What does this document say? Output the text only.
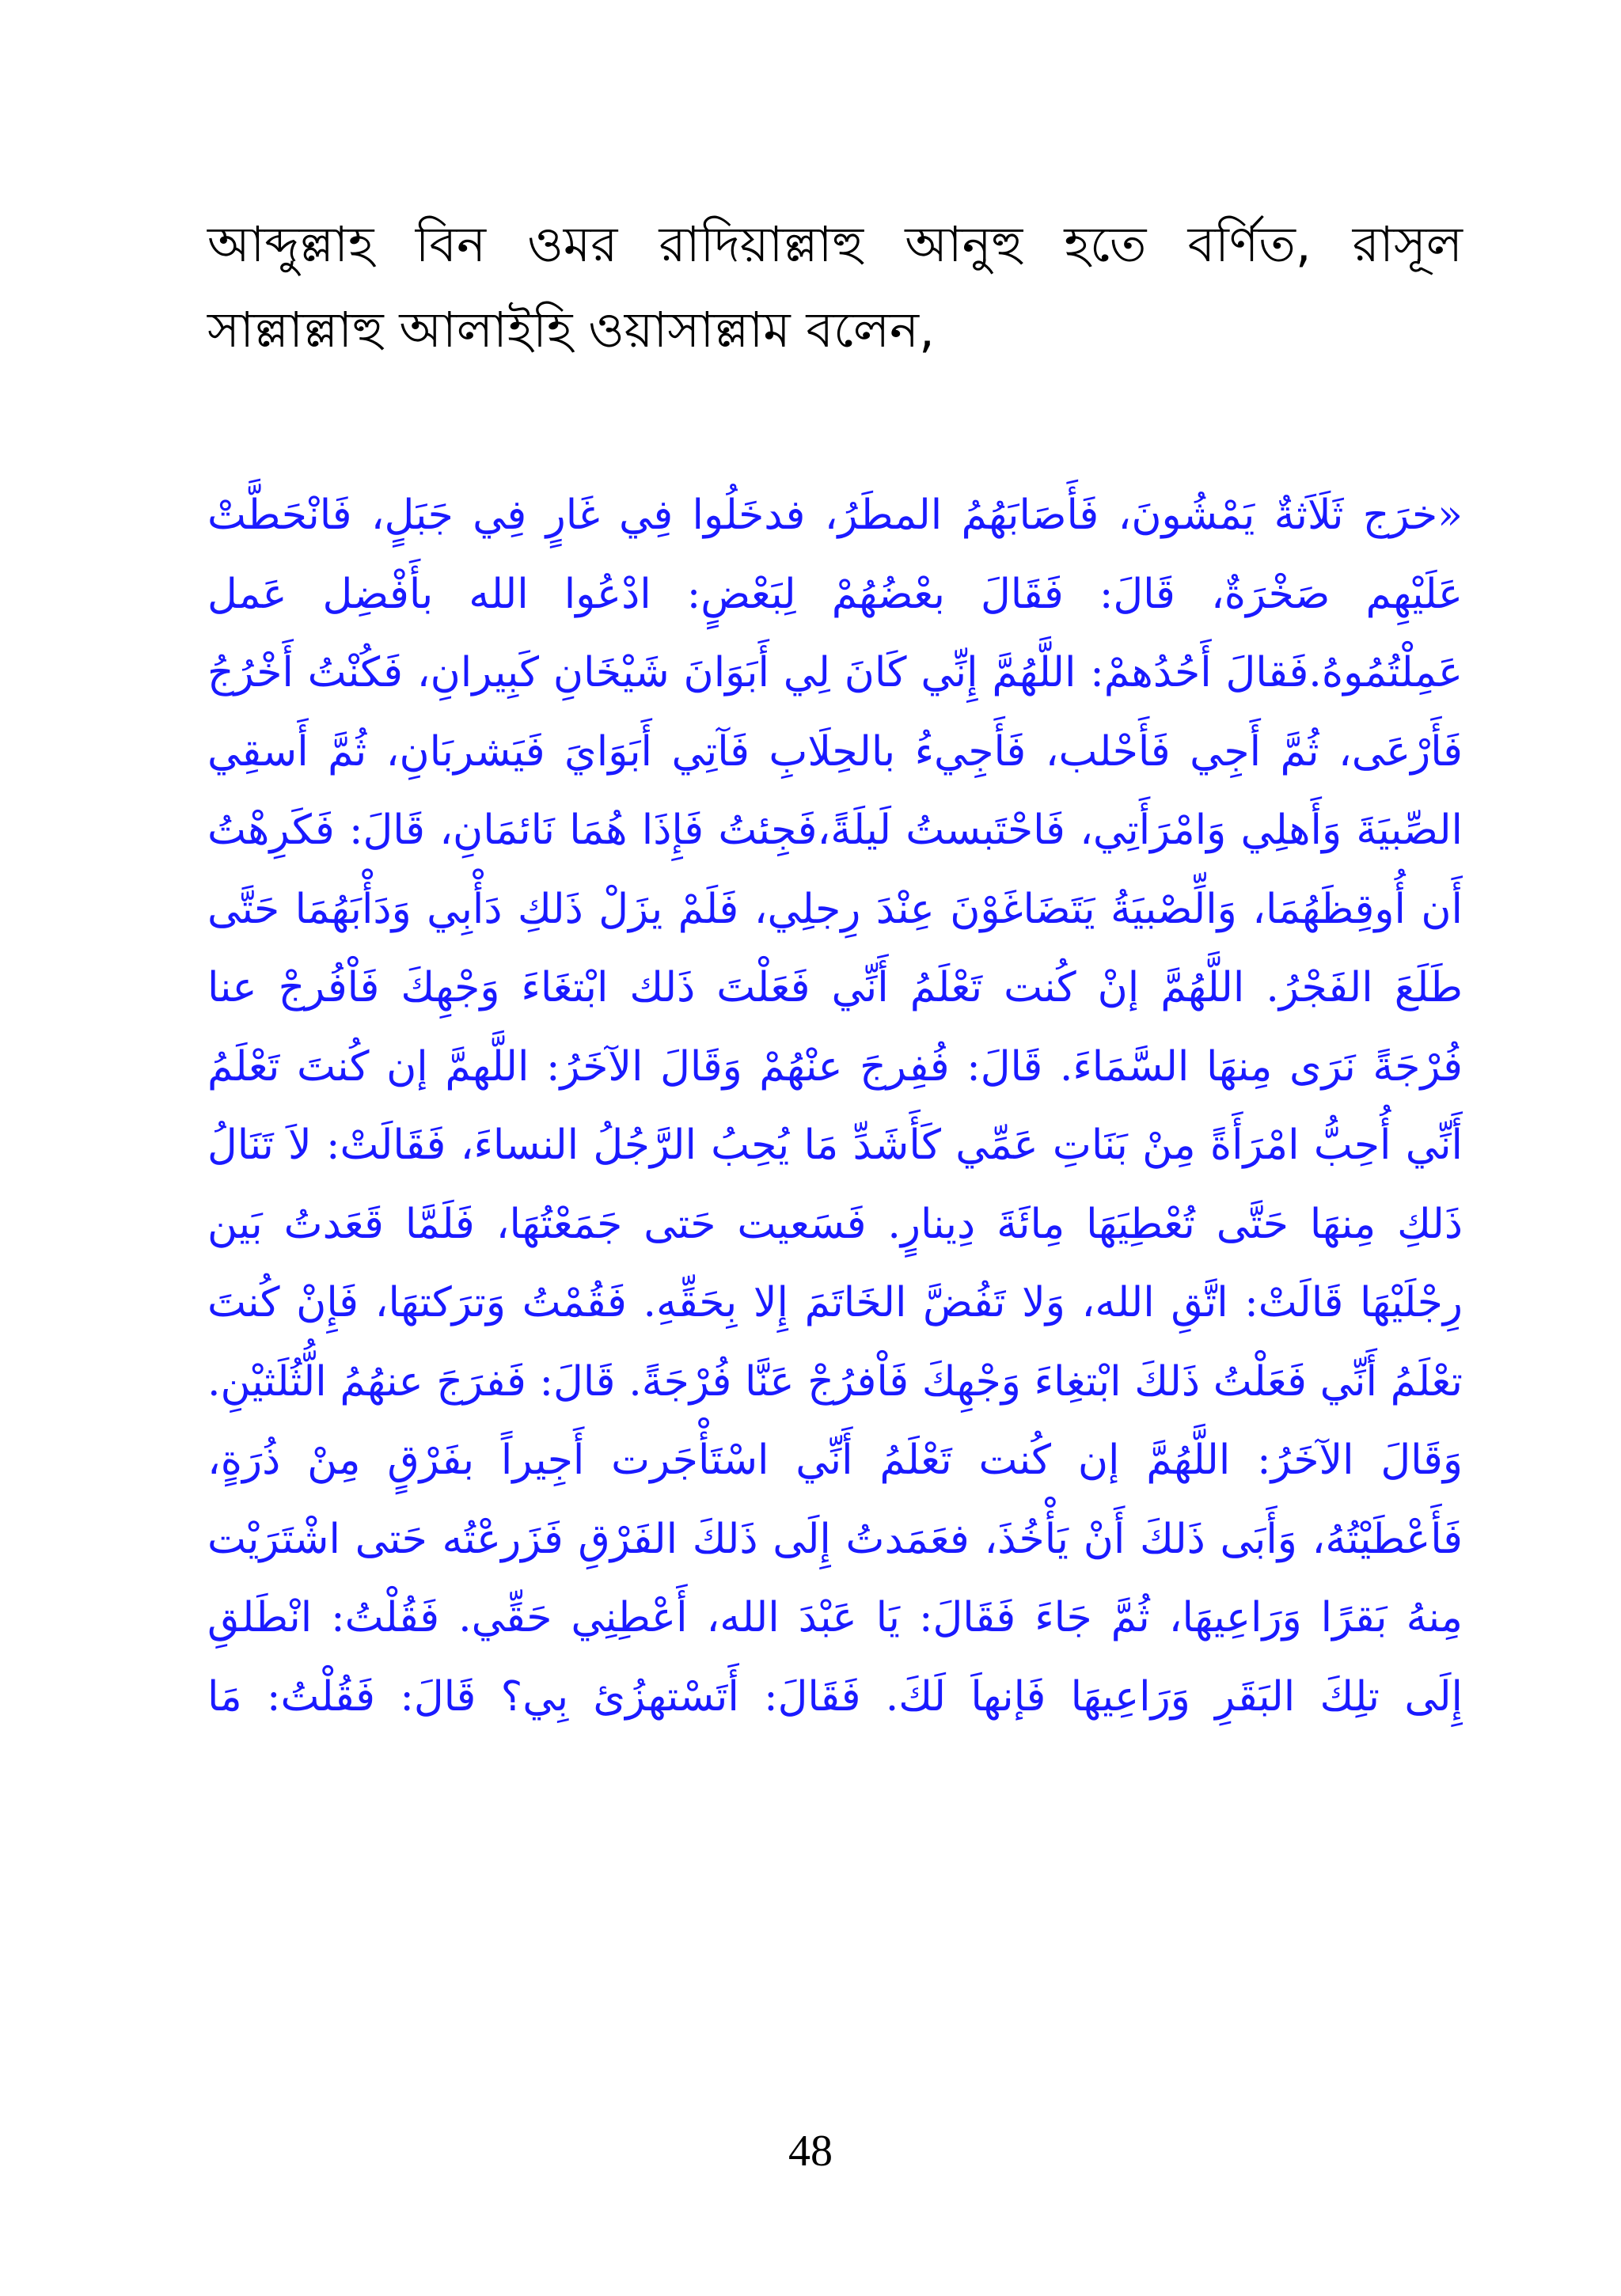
আব্দুল্লাহ বিন ওমর রাদিয়াল্লাহু আনুহু হতে বর্ণিত, রাসূল সাল্লাল্লাহু আলাইহি ওয়াসাল্লাম বলেন,

«خرَج ثَلَاَثةٌ يَمْشُونَ، فَأَصَابَهُمُ المطَرُ، فدخَلُوا فِي غَارٍ فِي جَبَلٍ، فَانْحَطَّتْ عَلَيْهِم صَخْرَةٌ، قَالَ: فَقَالَ بعْضُهُمْ لِبَعْضٍ: ادْعُوا الله بأَفْضِل عَمل عَمِلْتُمُوهُ.فَقالَ أَحُدُهمْ: اللَّهُمَّ إِنِّي كَانَ لِي أَبَوَانَ شَيْخَانِ كَبِيرانِ، فَكُنْتُ أَخْرُجُ فَأَرْعَى، ثُمَّ أَجِي فَأَحْلب، فَأَجِيءُ بالحِلَابِ فَآتِي أَبَوَايَ فَيَشربَانِ، ثُمَّ أَسقِي الصِّبيَةَ وَأَهلِي وَامْرَأَتِي، فَاحْتَبستُ لَيلَةً،فَجِئتُ فَإِذَا هُمَا نَائمَانِ، قَالَ: فَكَرِهْتُ أَن أُوقِظَهُمَا، وَالِّصْبيَةُ يَتَضَاغَوْنَ عِنْدَ رِجلِي، فَلَمْ يزَلْ ذَلكِ دَأْبِي وَدَأْبَهُمَا حَتَّى طَلَعَ الفَجْرُ. اللَّهُمَّ إنْ كُنت تَعْلَمُ أَنِّي فَعَلْتَ ذَلك ابْتغَاءَ وَجْهِكَ فَاْفُرجْ عنا فُرْجَةً نَرَى مِنهَا السَّمَاءَ. قَالَ: فُفِرجَ عنْهُمْ وَقَالَ الآخَرُ: اللَّهمَّ إن كُنتَ تَعْلَمُ أَنِّي أُحِبُّ امْرَأَةً مِنْ بَنَاتِ عَمِّي كَأَشَدِّ مَا يُحِبُ الرَّجُلُ النساءَ، فَقَالَتْ: لاَ تَنَالُ ذَلكِ مِنهَا حَتَّى تُعْطِيَهَا مِائَةَ دِينارٍ. فَسَعيت حَتى جَمَعْتُهَا، فَلَمَّا قَعَدتُ بَين رِجْلَيْهَا قَالَتْ: اتَّقِ الله، وَلا تَفُضَّ الخَاتَمَ إِلا بِحَقِّهِ. فَقُمْتُ وَترَكتهَا، فَإِنْ كُنتَ تعْلَمُ أَنِّي فَعَلْتُ ذَلكَ ابْتغِاءَ وَجْهِكَ فَاْفرُجْ عَنَّا فُرْجَةً. قَالَ: فَفرَجَ عنهُمُ الُّثُلَثيْنِ. وَقَالَ الآخَرُ: اللَّهُمَّ إن كُنت تَعْلَمُ أَنِّي اسْتَأْجَرت أَجِيراً بفَرْقٍ مِنْ ذُرَةٍ، فَأَعْطَيْتُهُ، وَأَبَى ذَلكَ أَنْ يَأْخُذَ، فعَمَدتُ إِلَى ذَلكَ الفَرْقِ فَزَرعْتُه حَتى اشْتَرَيْت مِنهُ بَقرًا وَرَاعِيهَا، ثُمَّ جَاءَ فَقَالَ: يَا عَبْدَ الله، أَعْطِنِي حَقِّي. فَقُلْتُ: انْطَلقِ إِلَى تلِكَ البَقَرِ وَرَاعِيهَا فَإنهاَ لَكَ. فَقَالَ: أَتَسْتهزُئ بِي؟ قَالَ: فَقُلْتُ: مَا

48
